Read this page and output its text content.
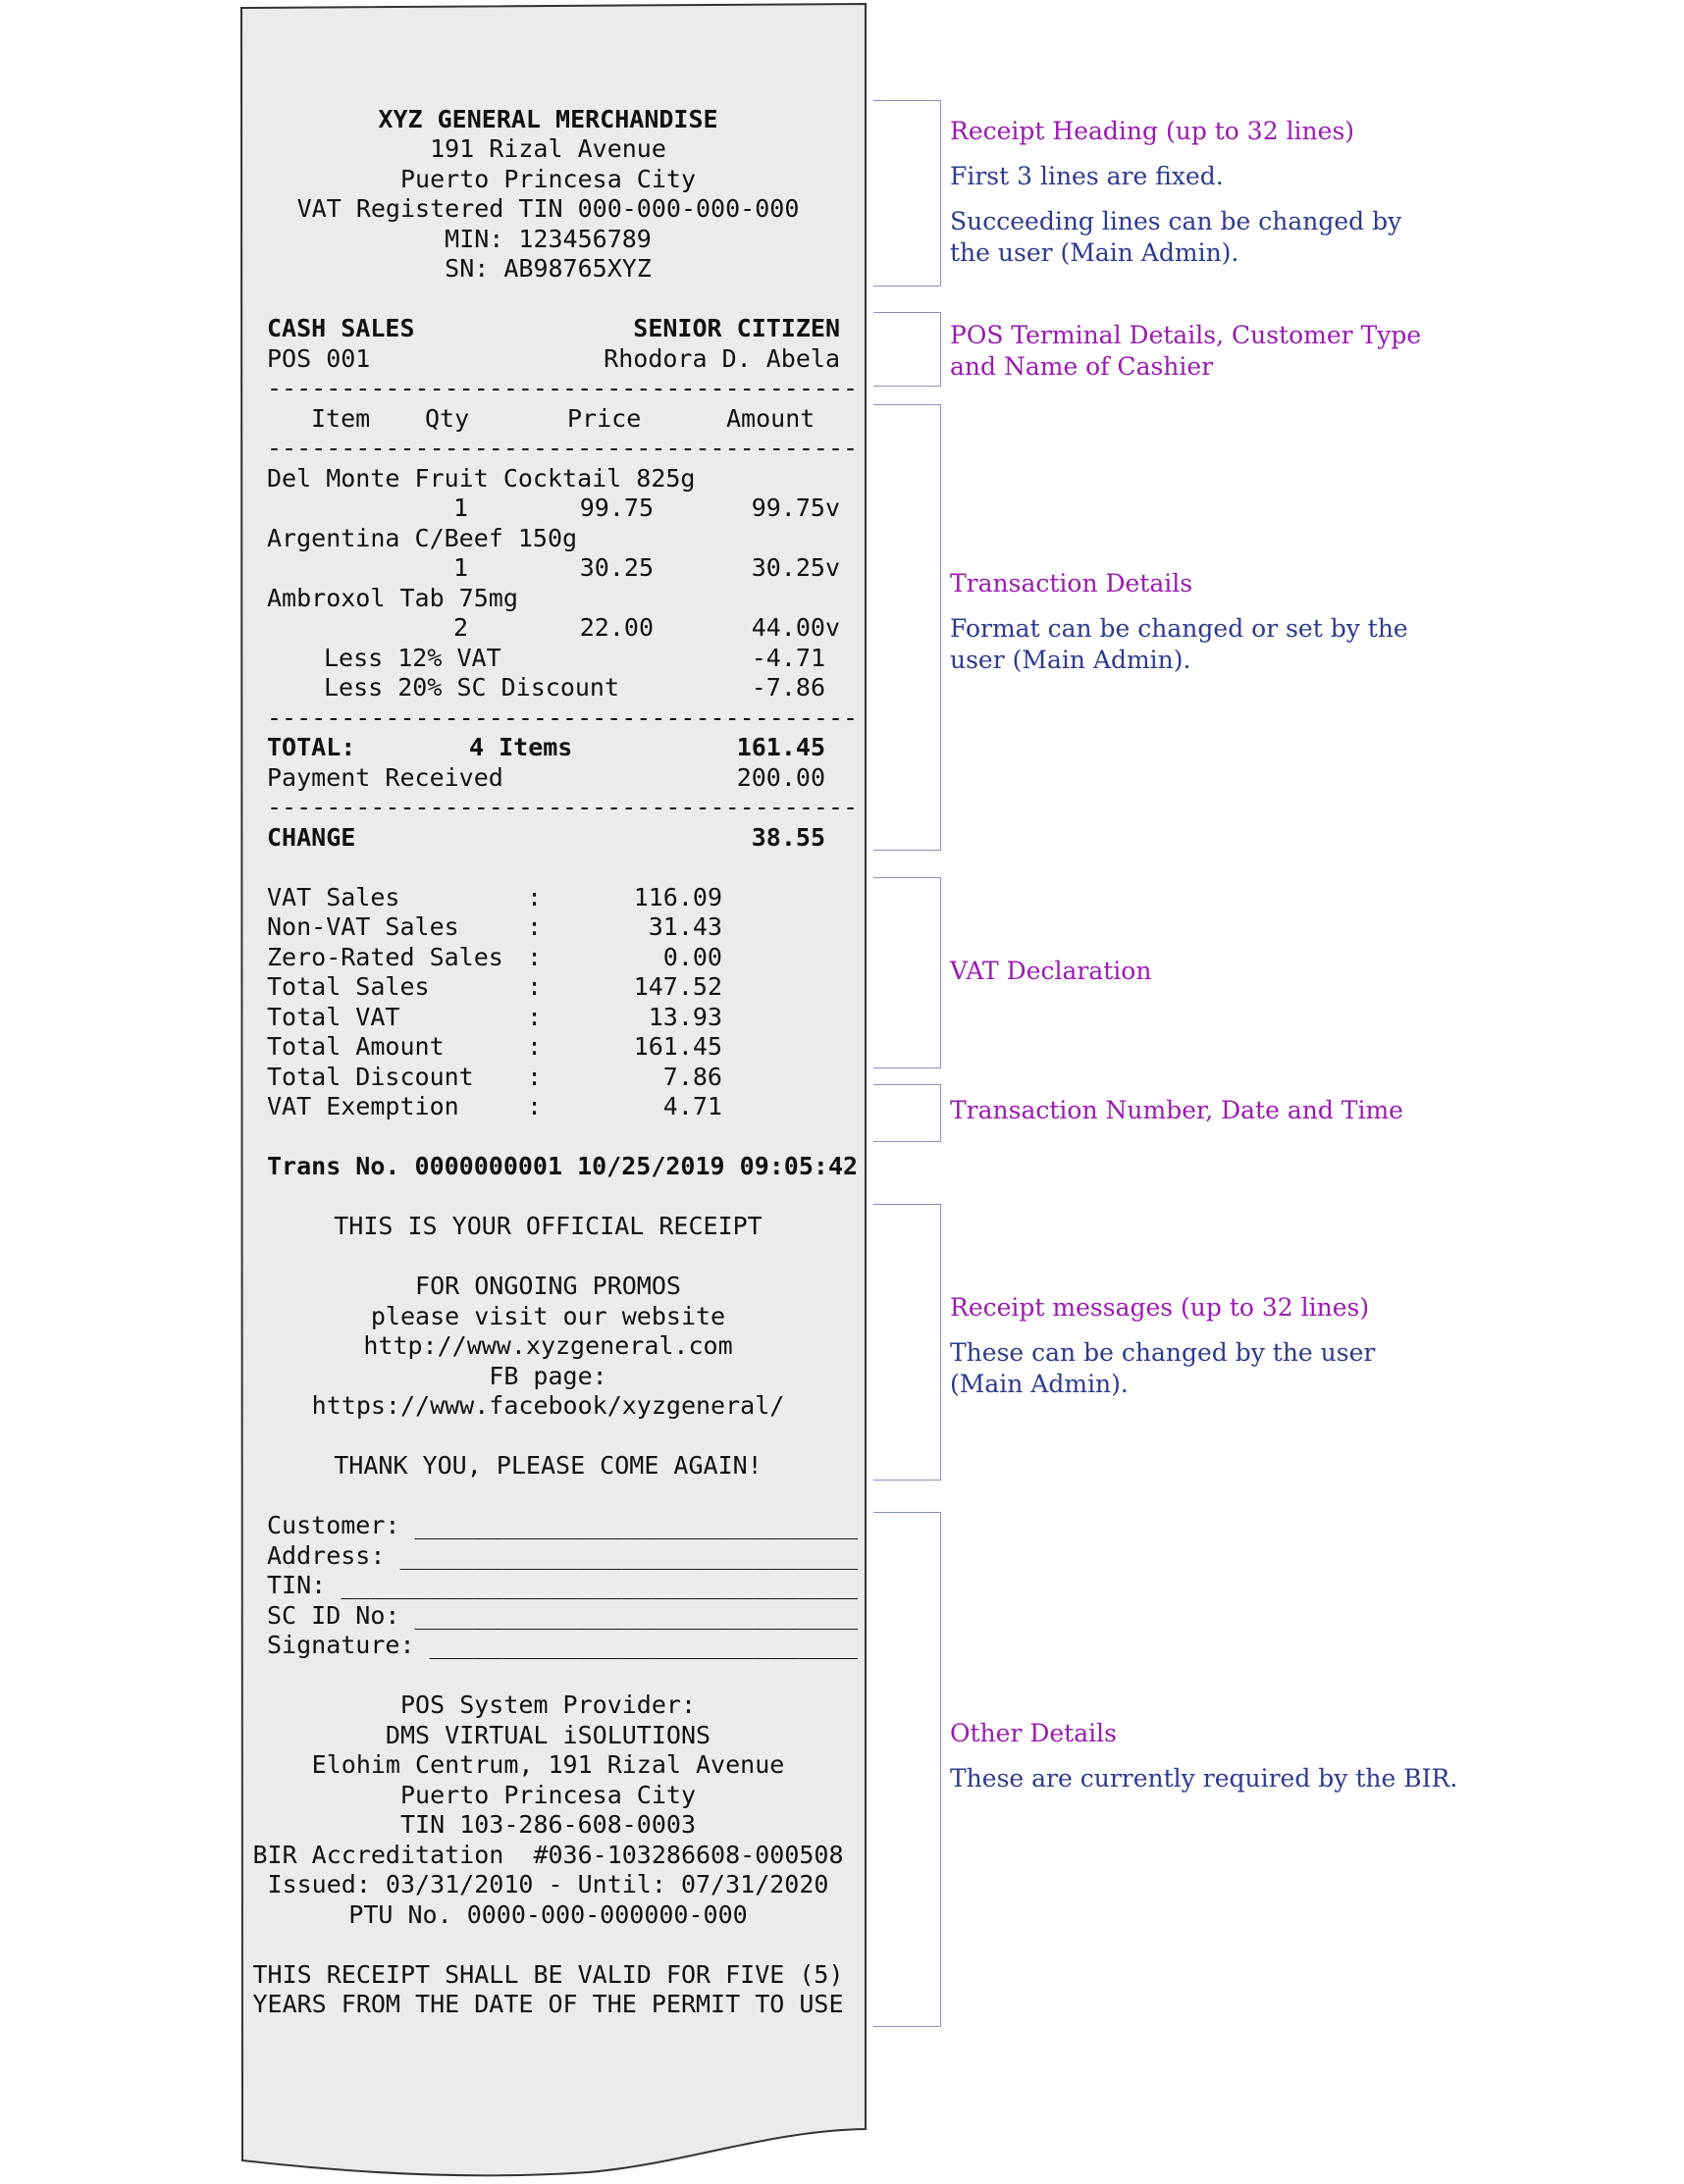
XYZ GENERAL MERCHANDISE
191 Rizal Avenue
Puerto Princesa City
VAT Registered TIN 000-000-000-000
MIN: 123456789
SN: AB98765XYZ
CASH SALES	SENIOR CITIZEN
POS 001	Rhodora D. Abela
----------------------------------------
Item Qty	Price	Amount
----------------------------------------
Del Monte Fruit Cocktail 825g
1	99.75	99.75v
Argentina C/Beef 150g
1	30.25	30.25v
Ambroxol Tab 75mg
2	22.00	44.00v
Less 12% VAT	-4.71
Less 20% SC Discount	-7.86
----------------------------------------
TOTAL:	4 Items	161.45
Payment Received	200.00
----------------------------------------
CHANGE	38.55
VAT Sales	:	116.09
Non-VAT Sales	:	31.43
Zero-Rated Sales :	0.00
Total Sales	:	147.52
Total VAT	:	13.93
Total Amount	:	161.45
Total Discount :	7.86
VAT Exemption	:	4.71
Trans No. 0000000001 10/25/2019 09:05:42
THIS IS YOUR OFFICIAL RECEIPT
FOR ONGOING PROMOS
please visit our website
http://www.xyzgeneral.com
FB page:
https://www.facebook/xyzgeneral/
THANK YOU, PLEASE COME AGAIN!
Customer: ______________________________
Address: _______________________________
TIN: ___________________________________
SC ID No: ______________________________
Signature: _____________________________
POS System Provider:
DMS VIRTUAL iSOLUTIONS
Elohim Centrum, 191 Rizal Avenue
Puerto Princesa City
TIN 103-286-608-0003
BIR Accreditation  #036-103286608-000508
Issued: 03/31/2010 - Until: 07/31/2020
PTU No. 0000-000-000000-000
THIS RECEIPT SHALL BE VALID FOR FIVE (5)
YEARS FROM THE DATE OF THE PERMIT TO USE
Receipt Heading (up to 32 lines)
First 3 lines are fixed.
Succeeding lines can be changed by
the user (Main Admin).
POS Terminal Details, Customer Type
and Name of Cashier
Transaction Details
Format can be changed or set by the
user (Main Admin).
VAT Declaration
Transaction Number, Date and Time
Receipt messages (up to 32 lines)
These can be changed by the user
(Main Admin).
Other Details
These are currently required by the BIR.
